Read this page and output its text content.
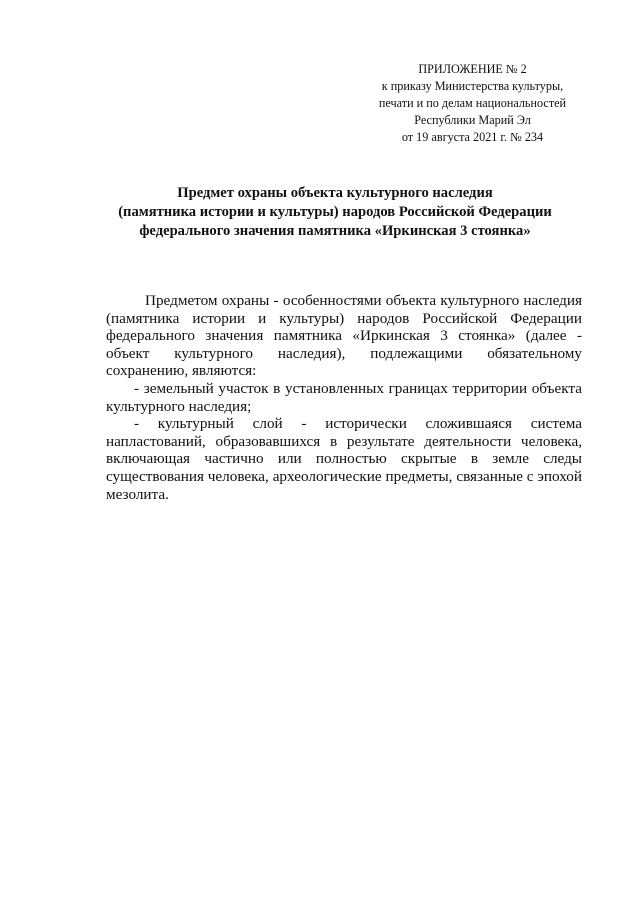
ПРИЛОЖЕНИЕ № 2
к приказу Министерства культуры,
печати и по делам национальностей
Республики Марий Эл
от 19 августа 2021 г. № 234
Предмет охраны объекта культурного наследия
(памятника истории и культуры) народов Российской Федерации
федерального значения памятника «Иркинская 3 стоянка»

Предметом охраны - особенностями объекта культурного наследия (памятника истории и культуры) народов Российской Федерации федерального значения памятника «Иркинская 3 стоянка» (далее - объект культурного наследия), подлежащими обязательному сохранению, являются:

- земельный участок в установленных границах территории объекта культурного наследия;

- культурный слой - исторически сложившаяся система напластований, образовавшихся в результате деятельности человека, включающая частично или полностью скрытые в земле следы существования человека, археологические предметы, связанные с эпохой мезолита.
